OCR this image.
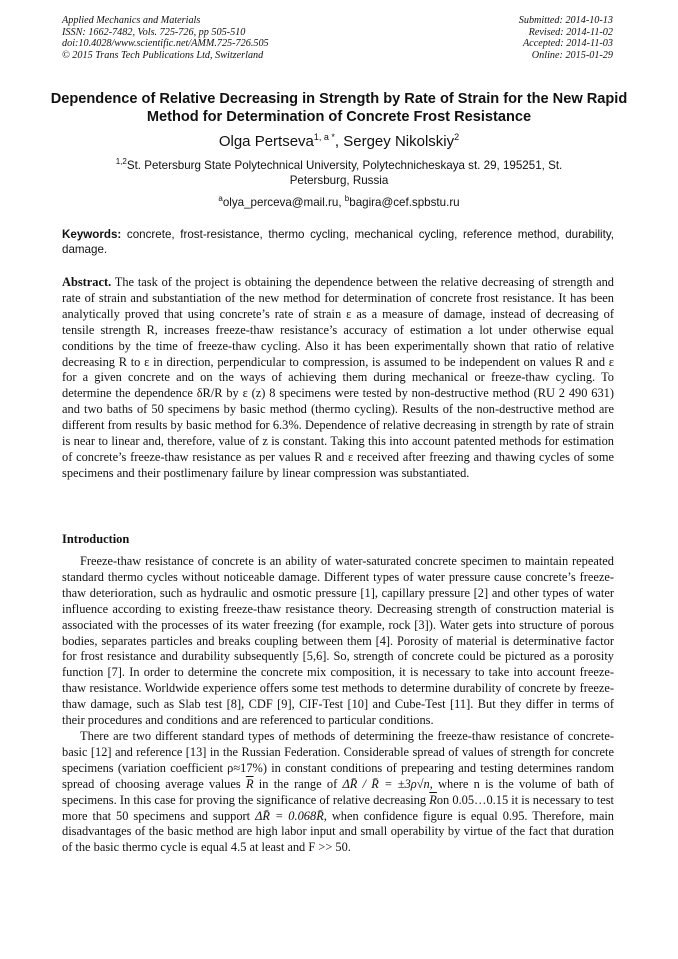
Applied Mechanics and Materials
ISSN: 1662-7482, Vols. 725-726, pp 505-510
doi:10.4028/www.scientific.net/AMM.725-726.505
© 2015 Trans Tech Publications Ltd, Switzerland
Submitted: 2014-10-13
Revised: 2014-11-02
Accepted: 2014-11-03
Online: 2015-01-29
Dependence of Relative Decreasing in Strength by Rate of Strain for the New Rapid Method for Determination of Concrete Frost Resistance
Olga Pertseva$^{1, a *}$, Sergey Nikolskiy$^2$
$^{1,2}$St. Petersburg State Polytechnical University, Polytechnicheskaya st. 29, 195251, St. Petersburg, Russia
$^a$olya_perceva@mail.ru, $^b$bagira@cef.spbstu.ru
Keywords: concrete, frost-resistance, thermo cycling, mechanical cycling, reference method, durability, damage.
Abstract. The task of the project is obtaining the dependence between the relative decreasing of strength and rate of strain and substantiation of the new method for determination of concrete frost resistance. It has been analytically proved that using concrete’s rate of strain ε as a measure of damage, instead of decreasing of tensile strength R, increases freeze-thaw resistance’s accuracy of estimation a lot under otherwise equal conditions by the time of freeze-thaw cycling. Also it has been experimentally shown that ratio of relative decreasing R to ε in direction, perpendicular to compression, is assumed to be independent on values R and ε for a given concrete and on the ways of achieving them during mechanical or freeze-thaw cycling. To determine the dependence δR/R by ε (z) 8 specimens were tested by non-destructive method (RU 2 490 631) and two baths of 50 specimens by basic method (thermo cycling). Results of the non-destructive method are different from results by basic method for 6.3%. Dependence of relative decreasing in strength by rate of strain is near to linear and, therefore, value of z is constant. Taking this into account patented methods for estimation of concrete’s freeze-thaw resistance as per values R and ε received after freezing and thawing cycles of some specimens and their postlimenary failure by linear compression was substantiated.
Introduction

Freeze-thaw resistance of concrete is an ability of water-saturated concrete specimen to maintain repeated standard thermo cycles without noticeable damage. Different types of water pressure cause concrete’s freeze-thaw deterioration, such as hydraulic and osmotic pressure [1], capillary pressure [2] and other types of water influence according to existing freeze-thaw resistance theory. Decreasing strength of construction material is associated with the processes of its water freezing (for example, rock [3]). Water gets into structure of porous bodies, separates particles and breaks coupling between them [4]. Porosity of material is determinative factor for frost resistance and durability subsequently [5,6]. So, strength of concrete could be pictured as a porosity function [7]. In order to determine the concrete mix composition, it is necessary to take into account freeze-thaw resistance. Worldwide experience offers some test methods to determine durability of concrete by freeze-thaw damage, such as Slab test [8], CDF [9], CIF-Test [10] and Cube-Test [11]. But they differ in terms of their procedures and conditions and are referenced to particular conditions.

There are two different standard types of methods of determining the freeze-thaw resistance of concrete- basic [12] and reference [13] in the Russian Federation. Considerable spread of values of strength for concrete specimens (variation coefficient ρ≈17%) in constant conditions of prepearing and testing determines random spread of choosing average values $\overline{R}$ in the range of ΔR̄ / R̄ = ±3ρ√n, where n is the volume of bath of specimens. In this case for proving the significance of relative decreasing $\overline{R}on$ 0.05…0.15 it is necessary to test more that 50 specimens and support ΔR̄ = 0.068R̄, when confidence figure is equal 0.95. Therefore, main disadvantages of the basic method are high labor input and small operability by virtue of the fact that duration of the basic thermo cycle is equal 4.5 at least and F >> 50.
